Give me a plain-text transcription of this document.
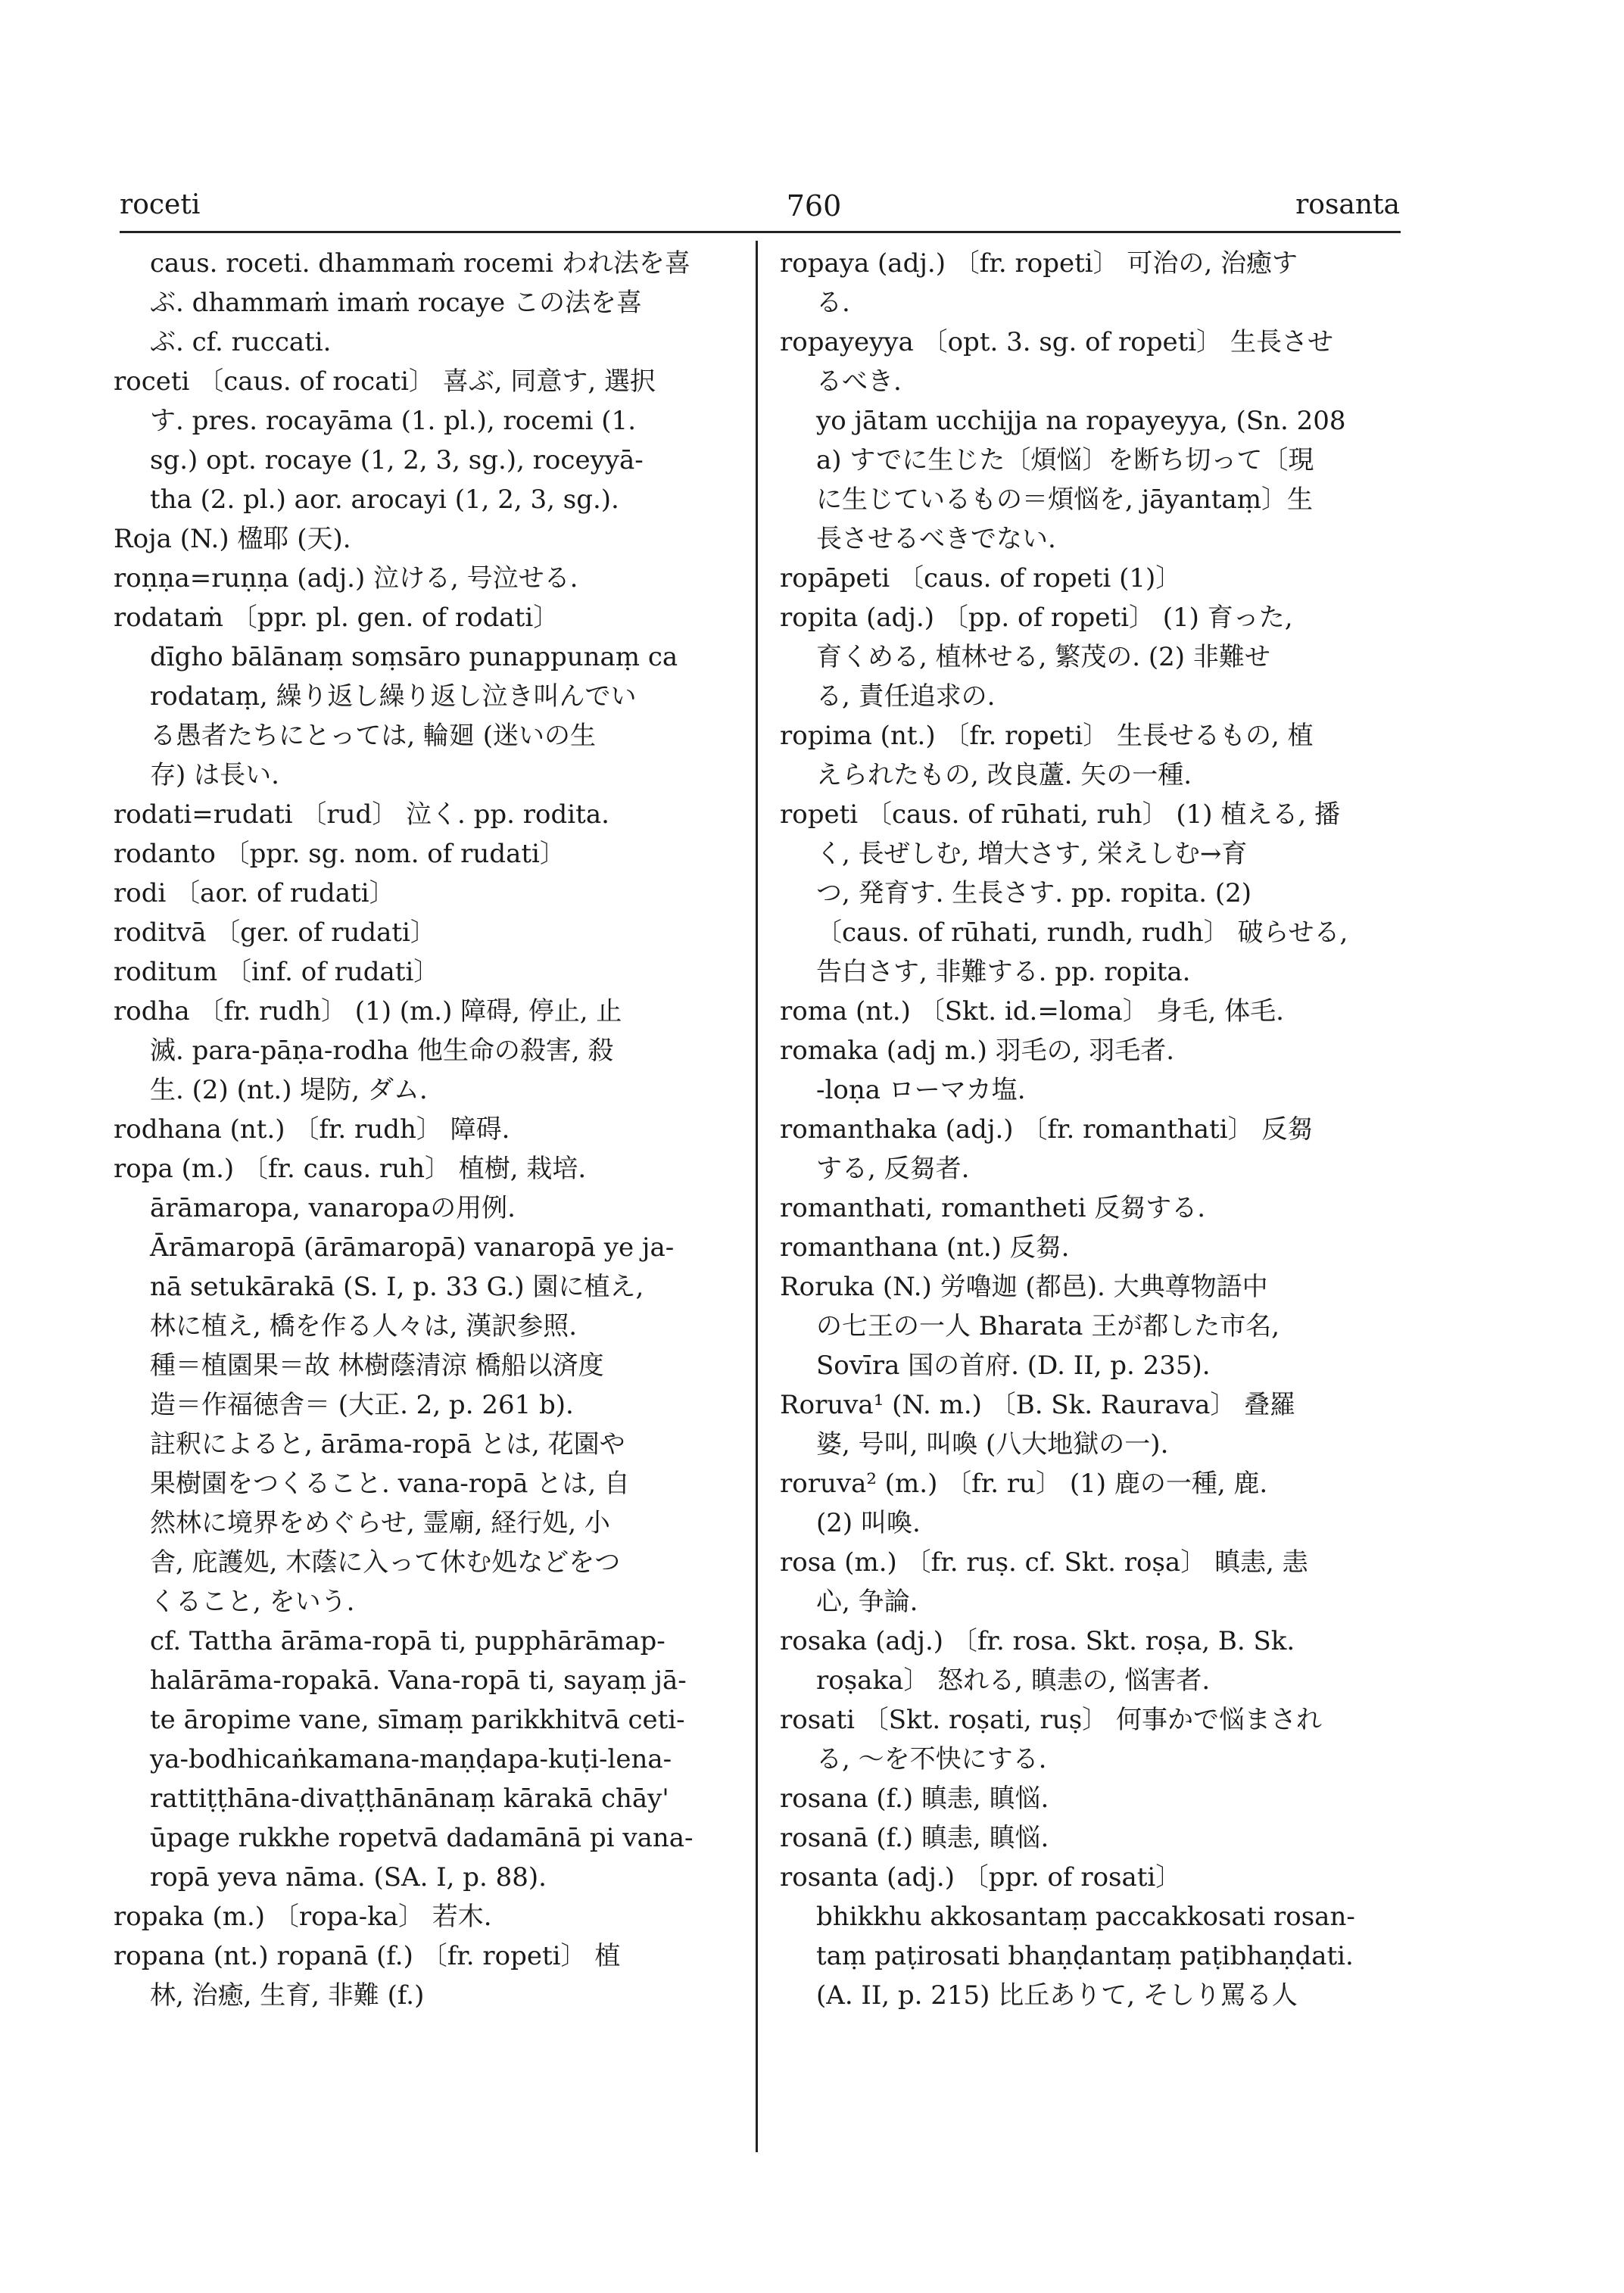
roceti	760	rosanta
caus. roceti. dhammaṁ rocemi われ法を喜
ぶ. dhammaṁ imaṁ rocaye この法を喜
ぶ. cf. ruccati.
roceti 〔caus. of rocati〕 喜ぶ, 同意す, 選択
す. pres. rocayāma (1. pl.), rocemi (1.
sg.) opt. rocaye (1, 2, 3, sg.), roceyyā-
tha (2. pl.) aor. arocayi (1, 2, 3, sg.).
Roja (N.) 楹耶 (天).
roṇṇa=ruṇṇa (adj.) 泣ける, 号泣せる.
rodataṁ 〔ppr. pl. gen. of rodati〕
dīgho bālānaṃ soṃsāro punappunaṃ ca
rodataṃ, 繰り返し繰り返し泣き叫んでい
る愚者たちにとっては, 輪廻 (迷いの生
存) は長い.
rodati=rudati 〔rud〕 泣く. pp. rodita.
rodanto 〔ppr. sg. nom. of rudati〕
rodi 〔aor. of rudati〕
roditvā 〔ger. of rudati〕
roditum 〔inf. of rudati〕
rodha 〔fr. rudh〕 (1) (m.) 障碍, 停止, 止
滅. para-pāṇa-rodha 他生命の殺害, 殺
生. (2) (nt.) 堤防, ダム.
rodhana (nt.) 〔fr. rudh〕 障碍.
ropa (m.) 〔fr. caus. ruh〕 植樹, 栽培.
ārāmaropa, vanaropaの用例.
Ārāmaropā (ārāmaropā) vanaropā ye ja-
nā setukārakā (S. I, p. 33 G.) 園に植え,
林に植え, 橋を作る人々は, 漢訳参照.
種＝植園果＝故 林樹蔭清涼 橋船以済度
造＝作福徳舎＝ (大正. 2, p. 261 b).
註釈によると, ārāma-ropā とは, 花園や
果樹園をつくること. vana-ropā とは, 自
然林に境界をめぐらせ, 霊廟, 経行処, 小
舎, 庇護処, 木蔭に入って休む処などをつ
くること, をいう.
cf. Tattha ārāma-ropā ti, pupphārāmap-
halārāma-ropakā. Vana-ropā ti, sayaṃ jā-
te āropime vane, sīmaṃ parikkhitvā ceti-
ya-bodhicaṅkamana-maṇḍapa-kuṭi-lena-
rattiṭṭhāna-divaṭṭhānānaṃ kārakā chāy'
ūpage rukkhe ropetvā dadamānā pi vana-
ropā yeva nāma. (SA. I, p. 88).
ropaka (m.) 〔ropa-ka〕 若木.
ropana (nt.) ropanā (f.) 〔fr. ropeti〕 植
林, 治癒, 生育, 非難 (f.)
ropaya (adj.) 〔fr. ropeti〕 可治の, 治癒す
る.
ropayeyya 〔opt. 3. sg. of ropeti〕 生長させ
るべき.
yo jātam ucchijja na ropayeyya, (Sn. 208
a) すでに生じた〔煩悩〕を断ち切って〔現
に生じているもの＝煩悩を, jāyantaṃ〕生
長させるべきでない.
ropāpeti 〔caus. of ropeti (1)〕
ropita (adj.) 〔pp. of ropeti〕 (1) 育った,
育くめる, 植林せる, 繁茂の. (2) 非難せ
る, 責任追求の.
ropima (nt.) 〔fr. ropeti〕 生長せるもの, 植
えられたもの, 改良蘆. 矢の一種.
ropeti 〔caus. of rūhati, ruh〕 (1) 植える, 播
く, 長ぜしむ, 増大さす, 栄えしむ→育
つ, 発育す. 生長さす. pp. ropita. (2)
〔caus. of rūhati, rundh, rudh〕 破らせる,
告白さす, 非難する. pp. ropita.
roma (nt.) 〔Skt. id.=loma〕 身毛, 体毛.
romaka (adj m.) 羽毛の, 羽毛者.
-loṇa ローマカ塩.
romanthaka (adj.) 〔fr. romanthati〕 反芻
する, 反芻者.
romanthati, romantheti 反芻する.
romanthana (nt.) 反芻.
Roruka (N.) 労嚕迦 (都邑). 大典尊物語中
の七王の一人 Bharata 王が都した市名,
Sovīra 国の首府. (D. II, p. 235).
Roruva¹ (N. m.) 〔B. Sk. Raurava〕 叠羅
婆, 号叫, 叫喚 (八大地獄の一).
roruva² (m.) 〔fr. ru〕 (1) 鹿の一種, 鹿.
(2) 叫喚.
rosa (m.) 〔fr. ruṣ. cf. Skt. roṣa〕 瞋恚, 恚
心, 争論.
rosaka (adj.) 〔fr. rosa. Skt. roṣa, B. Sk.
roṣaka〕 怒れる, 瞋恚の, 悩害者.
rosati 〔Skt. roṣati, ruṣ〕 何事かで悩まされ
る, ～を不快にする.
rosana (f.) 瞋恚, 瞋悩.
rosanā (f.) 瞋恚, 瞋悩.
rosanta (adj.) 〔ppr. of rosati〕
bhikkhu akkosantaṃ paccakkosati rosan-
taṃ paṭirosati bhaṇḍantaṃ paṭibhaṇḍati.
(A. II, p. 215) 比丘ありて, そしり罵る人
